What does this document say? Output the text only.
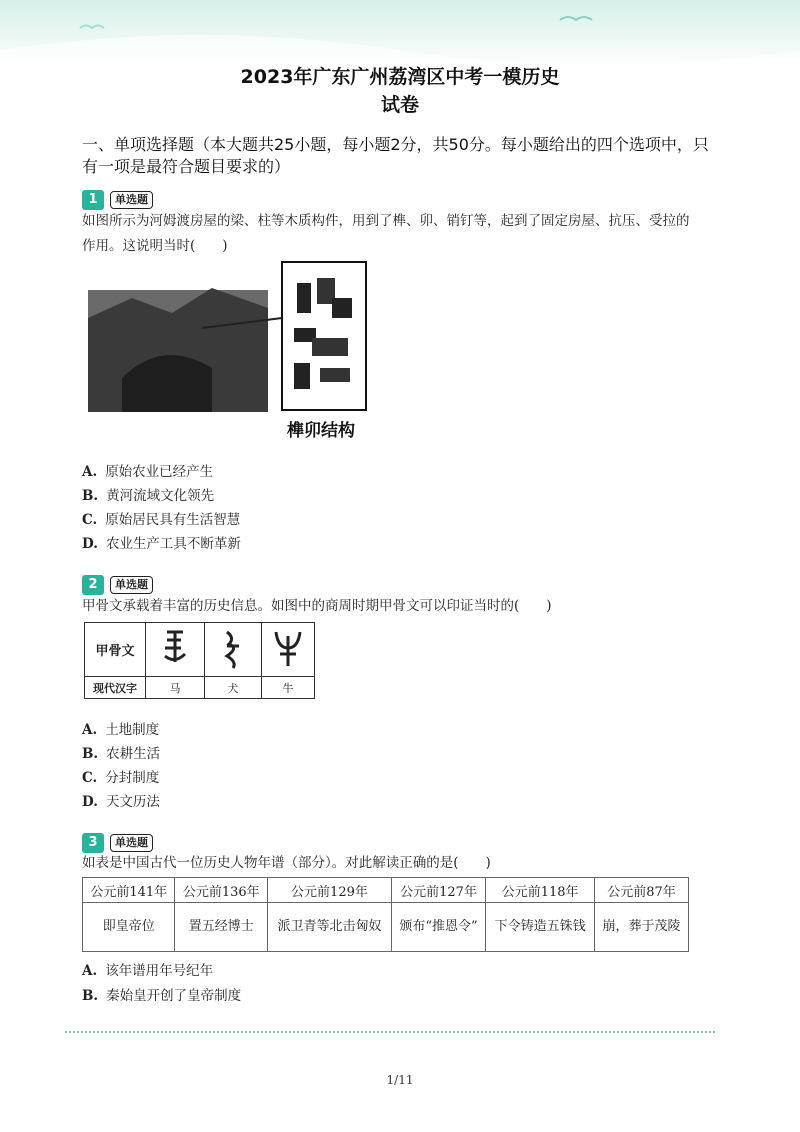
2023年广东广州荔湾区中考一模历史
试卷
一、单项选择题（本大题共25小题，每小题2分，共50分。每小题给出的四个选项中，只有一项是最符合题目要求的）
1	单选题
如图所示为河姆渡房屋的梁、柱等木质构件，用到了榫、卯、销钉等，起到了固定房屋、抗压、受拉的作用。这说明当时(　　)
榫卯结构
A. 原始农业已经产生
B. 黄河流域文化领先
C. 原始居民具有生活智慧
D. 农业生产工具不断革新
2	单选题
甲骨文承载着丰富的历史信息。如图中的商周时期甲骨文可以印证当时的(　　)
甲骨文			
现代汉字	马	犬	牛
A. 土地制度
B. 农耕生活
C. 分封制度
D. 天文历法
3	单选题
如表是中国古代一位历史人物年谱（部分）。对此解读正确的是(　　)
公元前141年	公元前136年	公元前129年	公元前127年	公元前118年	公元前87年
即皇帝位	置五经博士	派卫青等北击匈奴	颁布“推恩令”	下令铸造五铢钱	崩，葬于茂陵
A. 该年谱用年号纪年
B. 秦始皇开创了皇帝制度
1/11
